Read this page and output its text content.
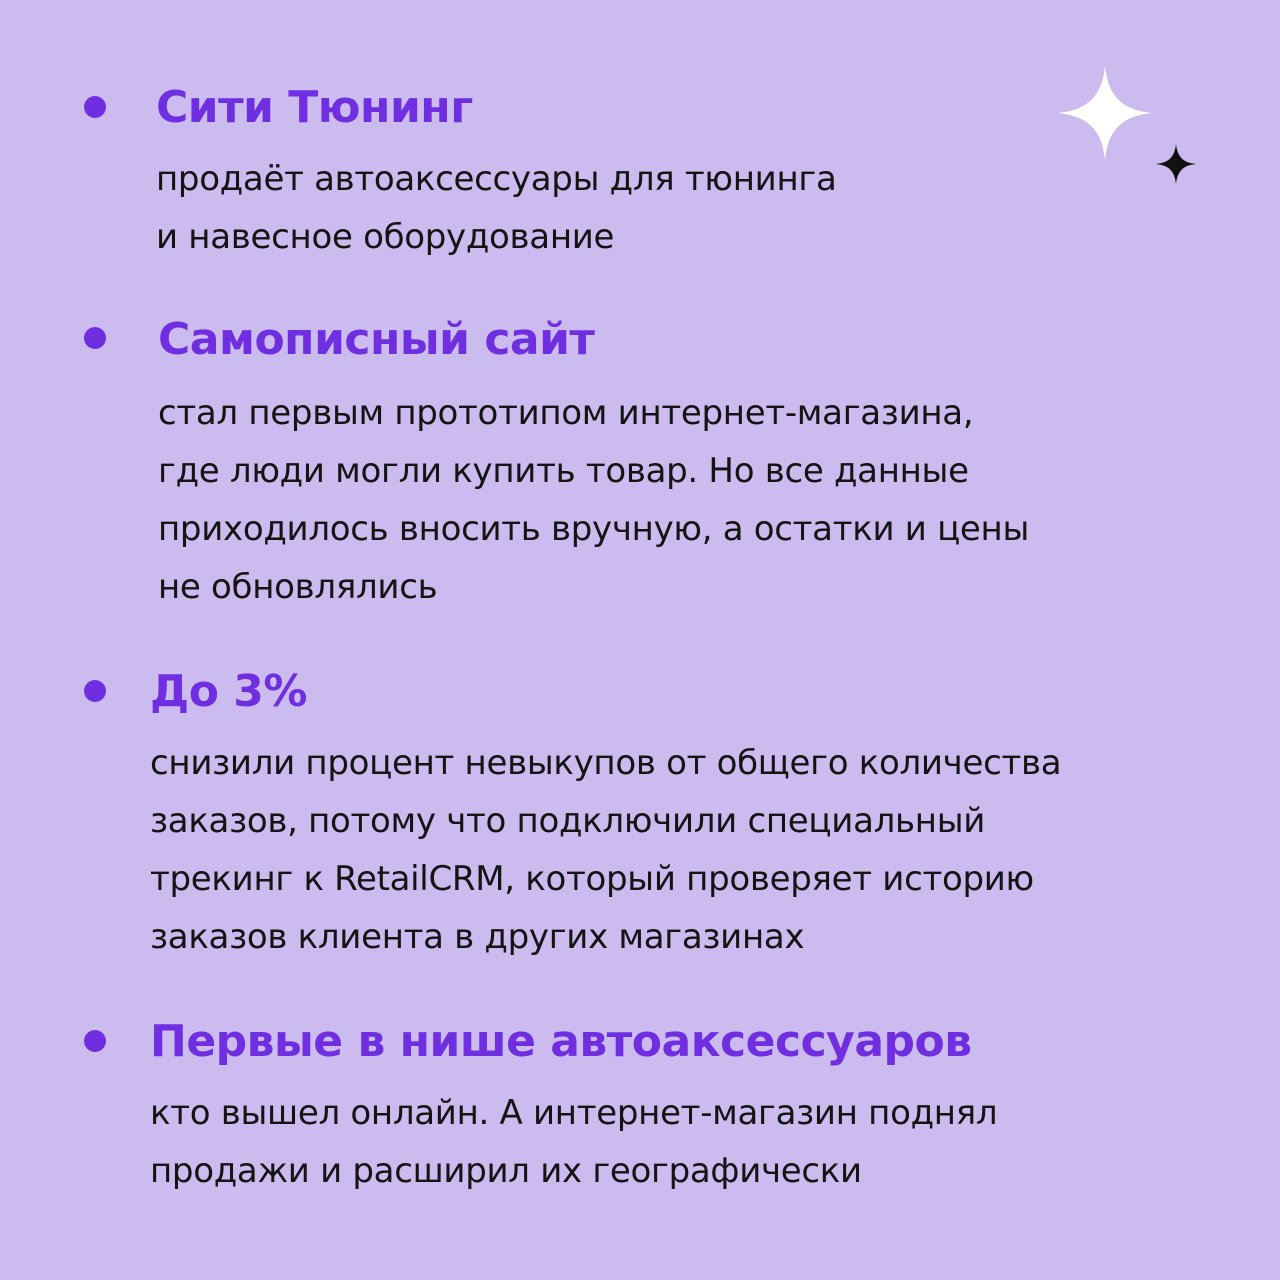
Сити Тюнинг
продаёт автоаксессуары для тюнинга
и навесное оборудование
Самописный сайт
стал первым прототипом интернет-магазина,
где люди могли купить товар. Но все данные
приходилось вносить вручную, а остатки и цены
не обновлялись
До 3%
снизили процент невыкупов от общего количества
заказов, потому что подключили специальный
трекинг к RetailCRM, который проверяет историю
заказов клиента в других магазинах
Первые в нише автоаксессуаров
кто вышел онлайн. А интернет-магазин поднял
продажи и расширил их географически
